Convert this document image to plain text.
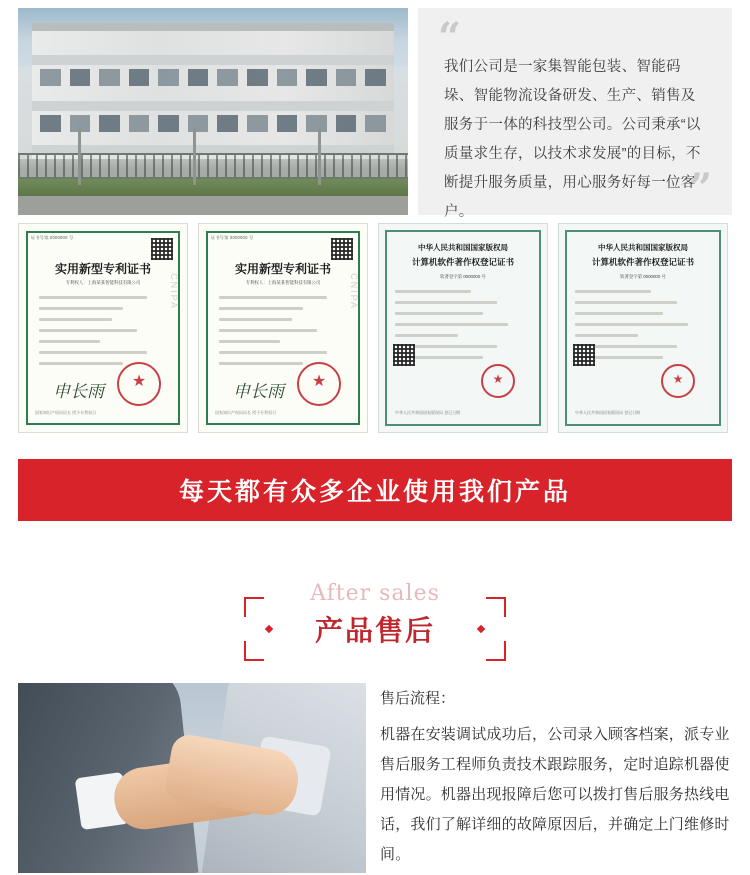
“

我们公司是一家集智能包装、智能码垛、智能物流设备研发、生产、销售及服务于一体的科技型公司。公司秉承“以质量求生存，以技术求发展”的目标，不断提升服务质量，用心服务好每一位客户。	”
证书号第 0000000 号
实用新型专利证书
专利权人：上海某某智能科技有限公司	CNIPA
申长雨
★
国家知识产权局局长 授予专利权日
证书号第 0000000 号
实用新型专利证书
专利权人：上海某某智能科技有限公司	CNIPA
申长雨
★
国家知识产权局局长 授予专利权日
中华人民共和国国家版权局
计算机软件著作权登记证书
软著登字第 0000000 号
★
中华人民共和国国家版权局 登记日期
中华人民共和国国家版权局
计算机软件著作权登记证书
软著登字第 0000000 号
★
中华人民共和国国家版权局 登记日期
每天都有众多企业使用我们产品
After sales
产品售后

售后流程：

机器在安装调试成功后，公司录入顾客档案，派专业售后服务工程师负责技术跟踪服务，定时追踪机器使用情况。机器出现报障后您可以拨打售后服务热线电话，我们了解详细的故障原因后，并确定上门维修时间。
